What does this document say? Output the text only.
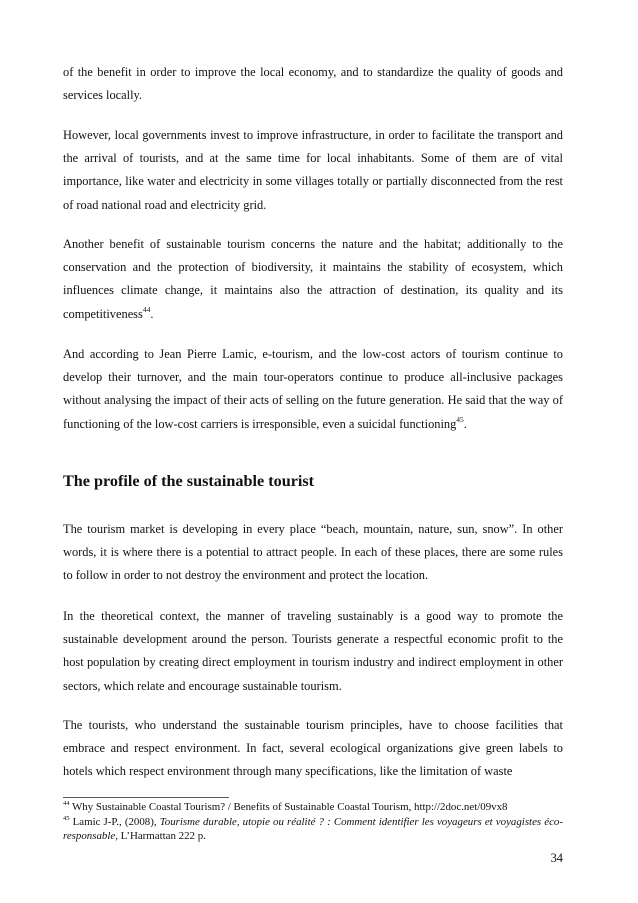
of the benefit in order to improve the local economy, and to standardize the quality of goods and services locally.

However, local governments invest to improve infrastructure, in order to facilitate the transport and the arrival of tourists, and at the same time for local inhabitants. Some of them are of vital importance, like water and electricity in some villages totally or partially disconnected from the rest of road national road and electricity grid.

Another benefit of sustainable tourism concerns the nature and the habitat; additionally to the conservation and the protection of biodiversity, it maintains the stability of ecosystem, which influences climate change, it maintains also the attraction of destination, its quality and its competitiveness$^{44}$.

And according to Jean Pierre Lamic, e-tourism, and the low-cost actors of tourism continue to develop their turnover, and the main tour-operators continue to produce all-inclusive packages without analysing the impact of their acts of selling on the future generation. He said that the way of functioning of the low-cost carriers is irresponsible, even a suicidal functioning$^{45}$.

The profile of the sustainable tourist

The tourism market is developing in every place “beach, mountain, nature, sun, snow”. In other words, it is where there is a potential to attract people. In each of these places, there are some rules to follow in order to not destroy the environment and protect the location.

In the theoretical context, the manner of traveling sustainably is a good way to promote the sustainable development around the person. Tourists generate a respectful economic profit to the host population by creating direct employment in tourism industry and indirect employment in other sectors, which relate and encourage sustainable tourism.

The tourists, who understand the sustainable tourism principles, have to choose facilities that embrace and respect environment. In fact, several ecological organizations give green labels to hotels which respect environment through many specifications, like the limitation of waste

$^{44}$ Why Sustainable Coastal Tourism? / Benefits of Sustainable Coastal Tourism, http://2doc.net/09vx8

$^{45}$ Lamic J-P., (2008), Tourisme durable, utopie ou réalité ? : Comment identifier les voyageurs et voyagistes éco-responsable, L’Harmattan 222 p.

34
